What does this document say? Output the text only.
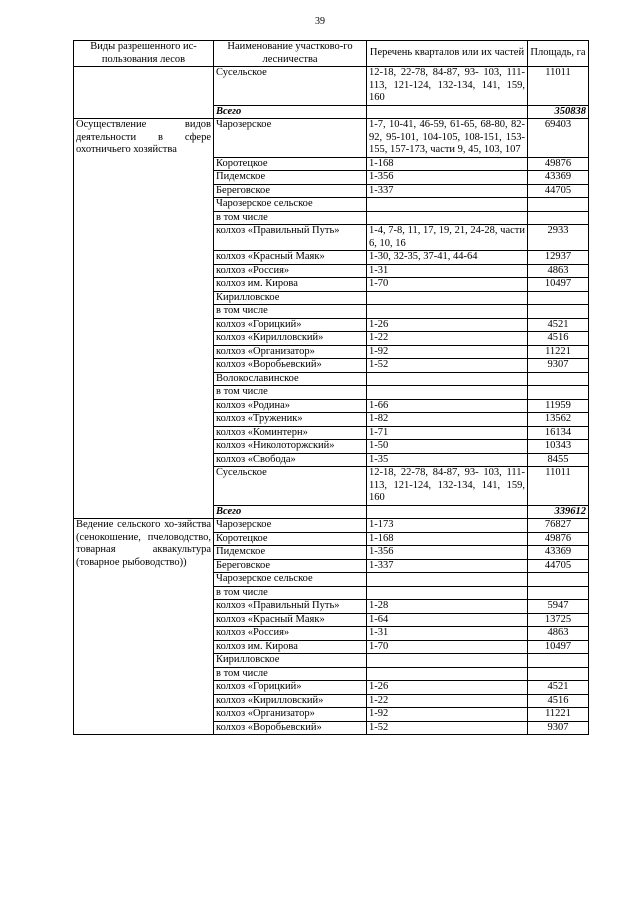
39
Виды разрешенного ис-пользования лесов	Наименование участково-го лесничества	Перечень кварталов или их частей	Площадь, га
	Сусельское	12-18, 22-78, 84-87, 93- 103, 111-113, 121-124, 132-134, 141, 159, 160	11011
	Всего		350838
Осуществление видов деятельности в сфере охотничьего хозяйства	Чарозерское	1-7, 10-41, 46-59, 61-65, 68-80, 82-92, 95-101, 104-105, 108-151, 153-155, 157-173, части 9, 45, 103, 107	69403
	Коротецкое	1-168	49876
	Пидемское	1-356	43369
	Береговское	1-337	44705
	Чарозерское сельское		
	в том числе		
	колхоз «Правильный Путь»	1-4, 7-8, 11, 17, 19, 21, 24-28, части 6, 10, 16	2933
	колхоз «Красный Маяк»	1-30, 32-35, 37-41, 44-64	12937
	колхоз «Россия»	1-31	4863
	колхоз им. Кирова	1-70	10497
	Кирилловское		
	в том числе		
	колхоз «Горицкий»	1-26	4521
	колхоз «Кирилловский»	1-22	4516
	колхоз «Организатор»	1-92	11221
	колхоз «Воробьевский»	1-52	9307
	Волокославинское		
	в том числе		
	колхоз «Родина»	1-66	11959
	колхоз «Труженик»	1-82	13562
	колхоз «Коминтерн»	1-71	16134
	колхоз «Николоторжский»	1-50	10343
	колхоз «Свобода»	1-35	8455
	Сусельское	12-18, 22-78, 84-87, 93- 103, 111-113, 121-124, 132-134, 141, 159, 160	11011
	Всего		339612
Ведение сельского хо-зяйства (сенокошение, пчеловодство, товарная аквакультура (товарное рыбоводство))	Чарозерское	1-173	76827
	Коротецкое	1-168	49876
	Пидемское	1-356	43369
	Береговское	1-337	44705
	Чарозерское сельское		
	в том числе		
	колхоз «Правильный Путь»	1-28	5947
	колхоз «Красный Маяк»	1-64	13725
	колхоз «Россия»	1-31	4863
	колхоз им. Кирова	1-70	10497
	Кирилловское		
	в том числе		
	колхоз «Горицкий»	1-26	4521
	колхоз «Кирилловский»	1-22	4516
	колхоз «Организатор»	1-92	11221
	колхоз «Воробьевский»	1-52	9307
